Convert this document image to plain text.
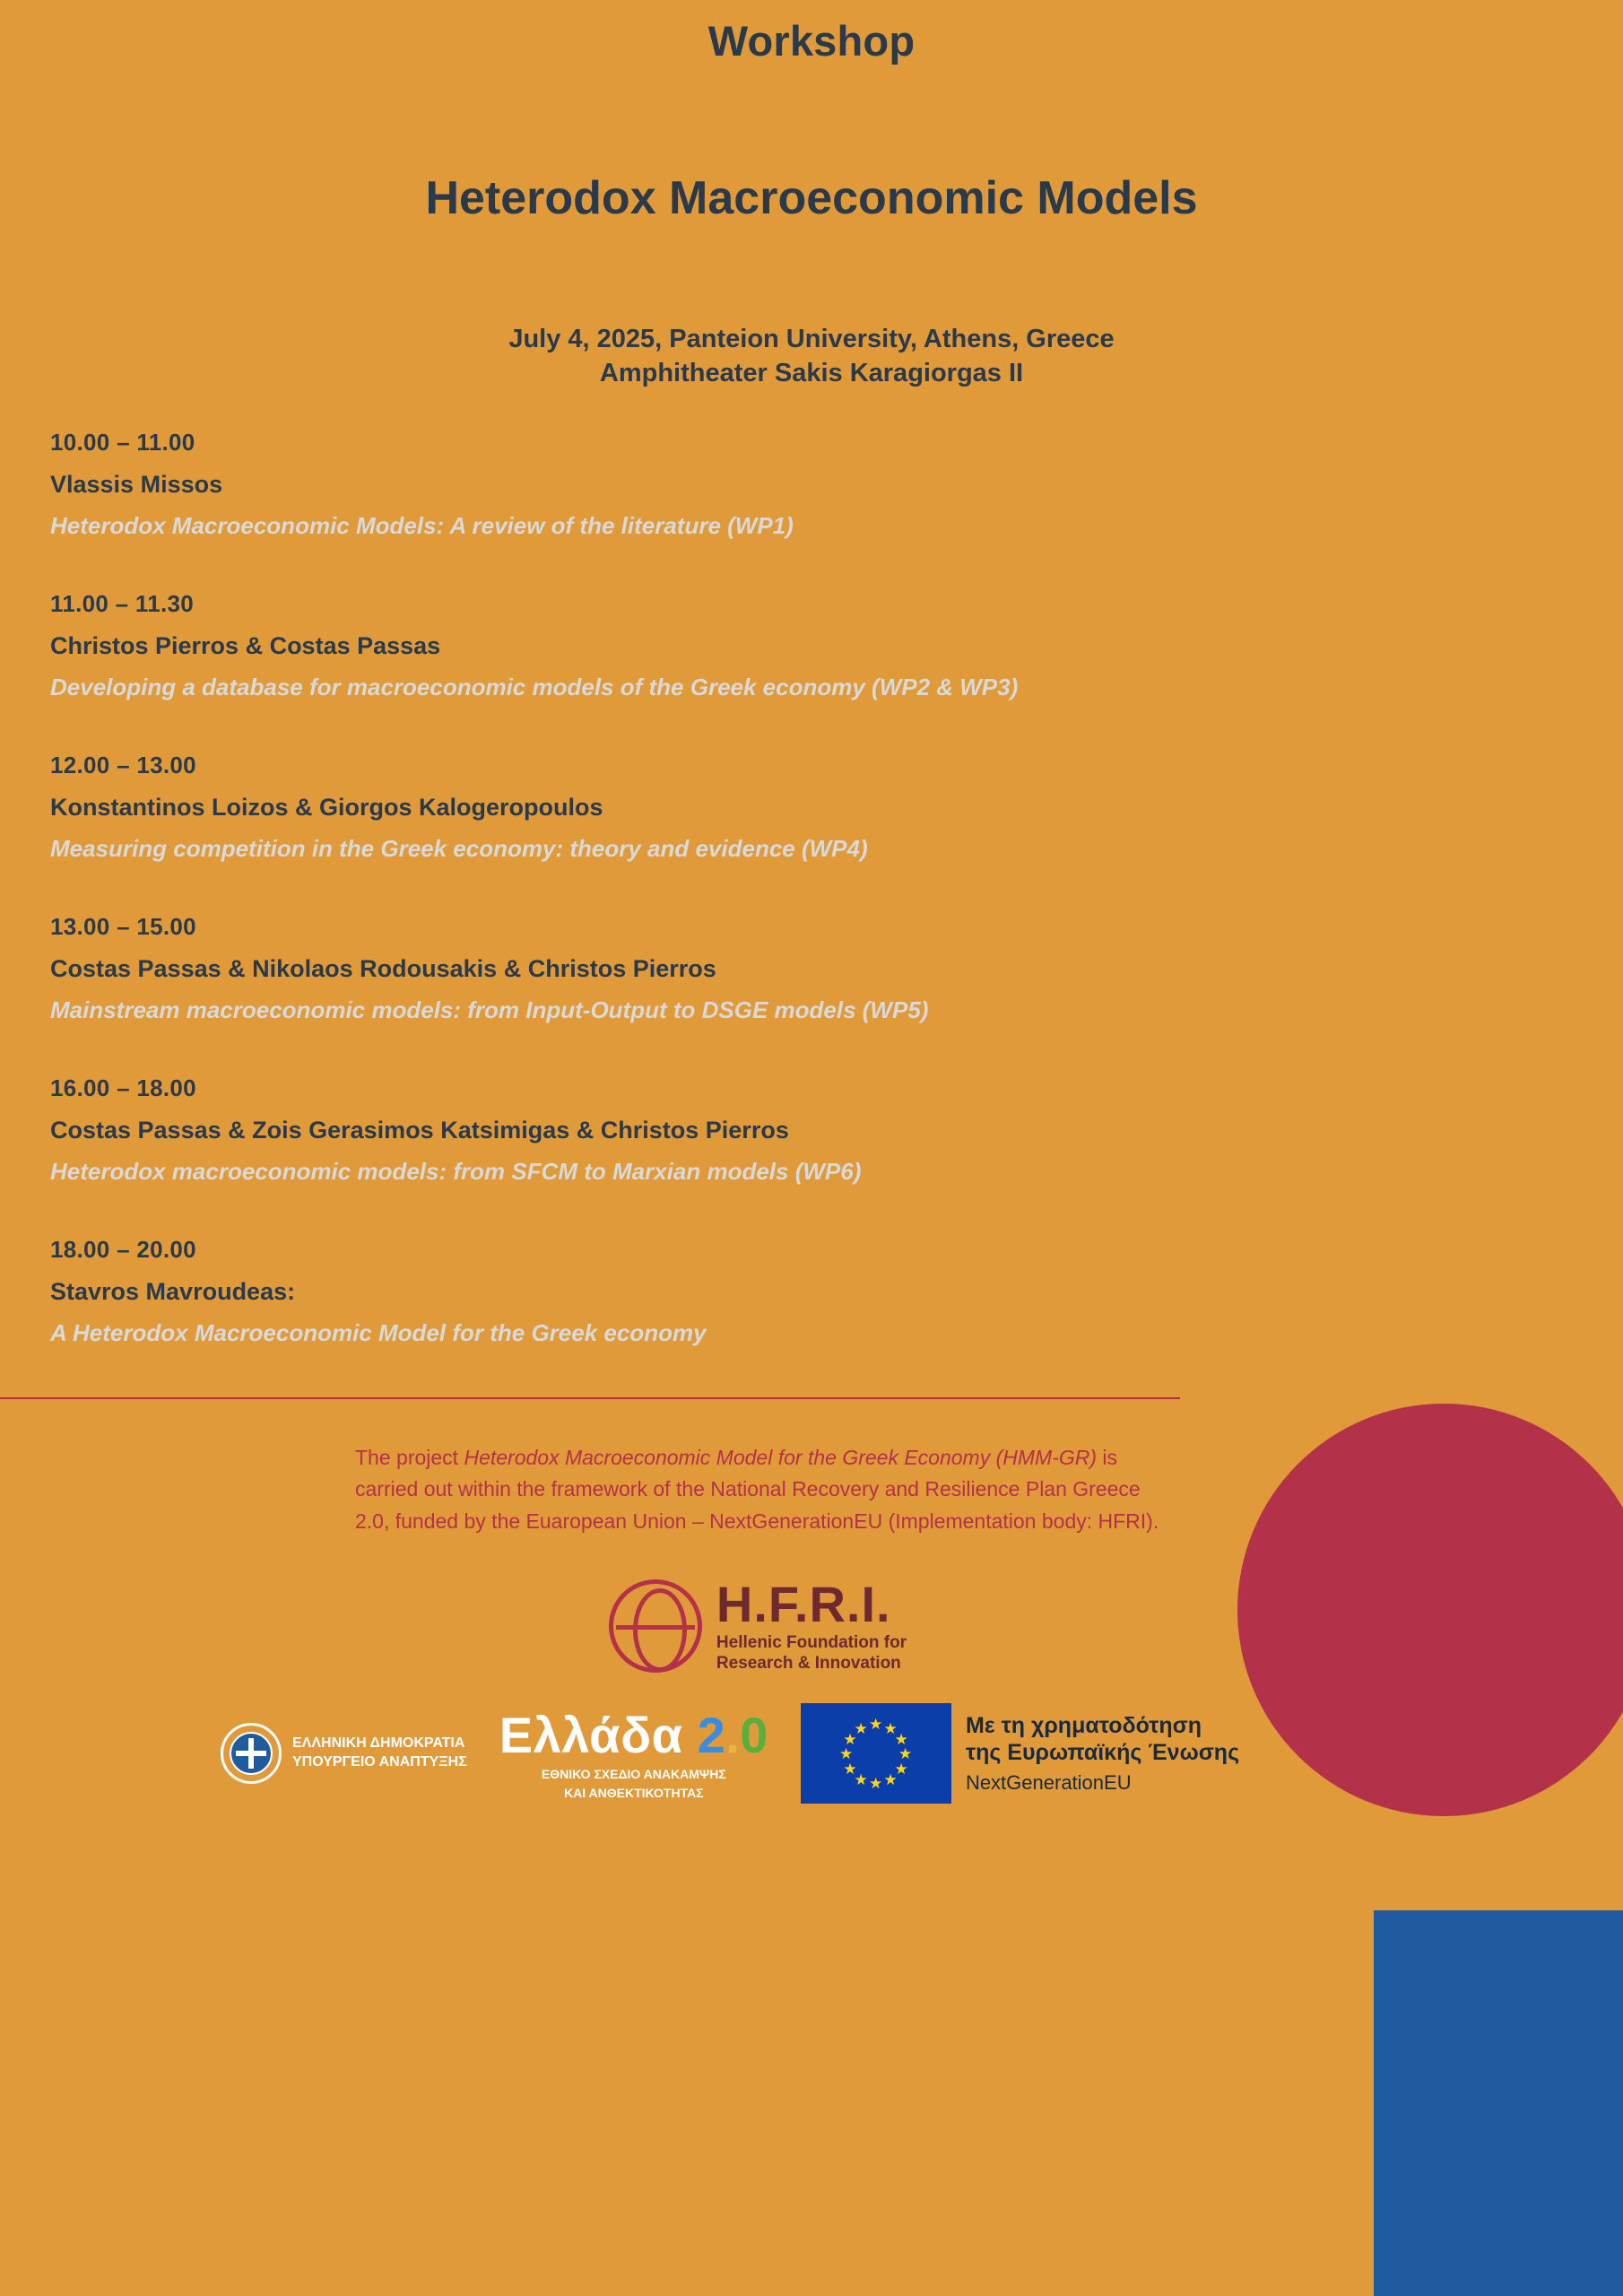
Workshop
Heterodox Macroeconomic Models
July 4, 2025, Panteion University, Athens, Greece
Amphitheater Sakis Karagiorgas II
10.00 – 11.00
Vlassis Missos
Heterodox Macroeconomic Models: A review of the literature (WP1)
11.00 – 11.30
Christos Pierros & Costas Passas
Developing a database for macroeconomic models of the Greek economy (WP2 & WP3)
12.00 – 13.00
Konstantinos Loizos & Giorgos Kalogeropoulos
Measuring competition in the Greek economy: theory and evidence (WP4)
13.00 – 15.00
Costas Passas & Nikolaos Rodousakis & Christos Pierros
Mainstream macroeconomic models: from Input-Output to DSGE models (WP5)
16.00 – 18.00
Costas Passas & Zois Gerasimos Katsimigas & Christos Pierros
Heterodox macroeconomic models: from SFCM to Marxian models (WP6)
18.00 – 20.00
Stavros Mavroudeas:
A Heterodox Macroeconomic Model for the Greek economy

The project Heterodox Macroeconomic Model for the Greek Economy (HMM-GR) is carried out within the framework of the National Recovery and Resilience Plan Greece 2.0, funded by the Euaropean Union – NextGenerationEU (Implementation body: HFRI).

H.F.R.I.
Hellenic Foundation for
Research & Innovation
ΕΛΛΗΝΙΚΗ ΔΗΜΟΚΡΑΤΙΑ
ΥΠΟΥΡΓΕΙΟ ΑΝΑΠΤΥΞΗΣ Ελλάδα 2.0
ΕΘΝΙΚΟ ΣΧΕΔΙΟ ΑΝΑΚΑΜΨΗΣ
ΚΑΙ ΑΝΘΕΚΤΙΚΟΤΗΤΑΣ
★ ★
★
★
★
★
★
★
★
★
★
★	Με τη χρηματοδότηση
της Ευρωπαϊκής Ένωσης
NextGenerationEU
